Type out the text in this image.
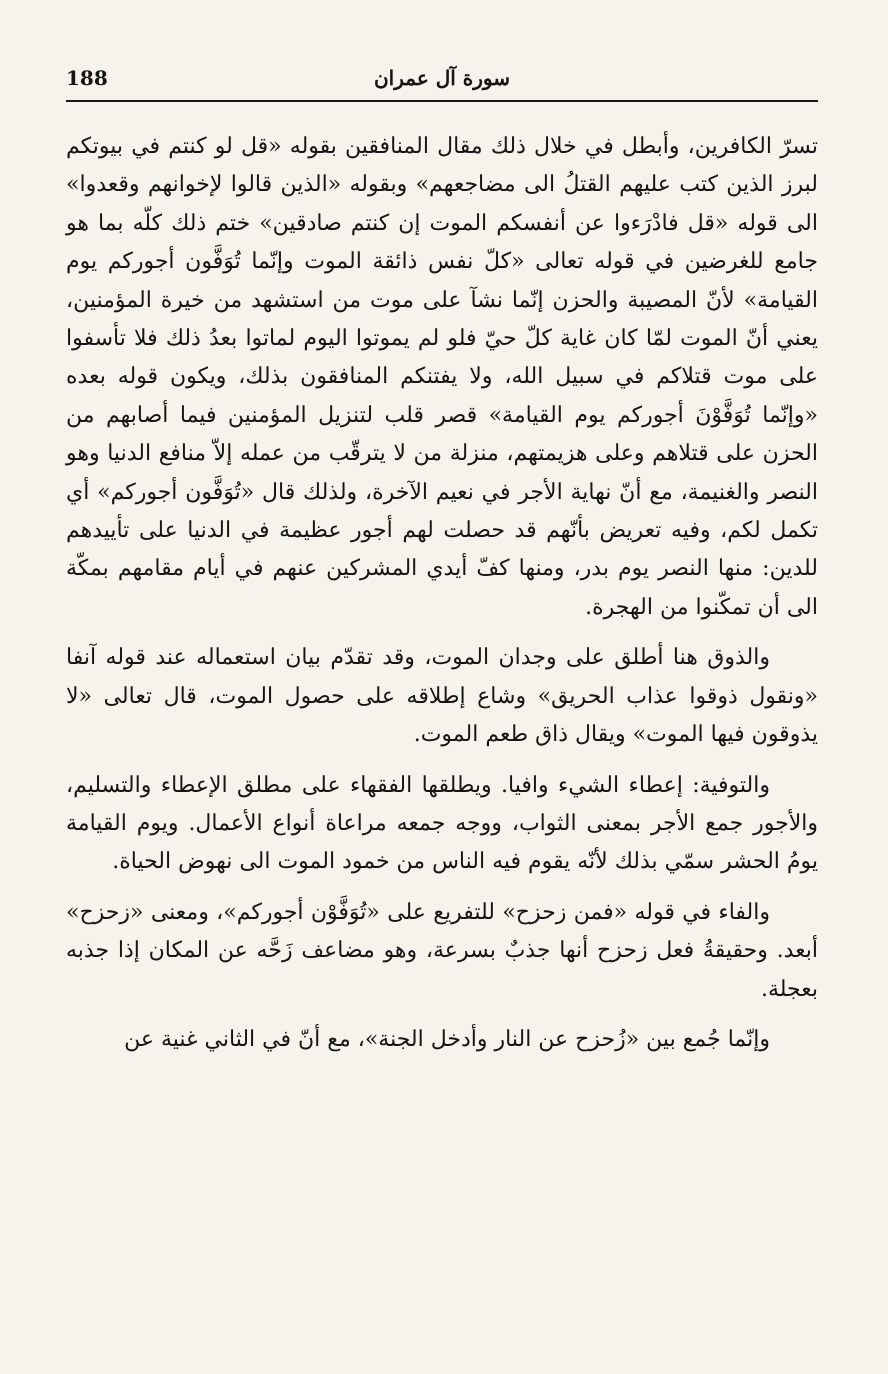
188	سورة آل عمران

تسرّ الكافرين، وأبطل في خلال ذلك مقال المنافقين بقوله «قل لو كنتم في بيوتكم لبرز الذين كتب عليهم القتلُ الى مضاجعهم» وبقوله «الذين قالوا لإخوانهم وقعدوا» الى قوله «قل فادْرَءوا عن أنفسكم الموت إن كنتم صادقين» ختم ذلك كلّه بما هو جامع للغرضين في قوله تعالى «كلّ نفس ذائقة الموت وإنّما تُوَفَّون أجوركم يوم القيامة» لأنّ المصيبة والحزن إنّما نشآ على موت من استشهد من خيرة المؤمنين، يعني أنّ الموت لمّا كان غاية كلّ حيّ فلو لم يموتوا اليوم لماتوا بعدُ ذلك فلا تأسفوا على موت قتلاكم في سبيل الله، ولا يفتنكم المنافقون بذلك، ويكون قوله بعده «وإنّما تُوَفَّوْنَ أجوركم يوم القيامة» قصر قلب لتنزيل المؤمنين فيما أصابهم من الحزن على قتلاهم وعلى هزيمتهم، منزلة من لا يترقّب من عمله إلاّ منافع الدنيا وهو النصر والغنيمة، مع أنّ نهاية الأجر في نعيم الآخرة، ولذلك قال «تُوَفَّون أجوركم» أي تكمل لكم، وفيه تعريض بأنّهم قد حصلت لهم أجور عظيمة في الدنيا على تأييدهم للدين: منها النصر يوم بدر، ومنها كفّ أيدي المشركين عنهم في أيام مقامهم بمكّة الى أن تمكّنوا من الهجرة.

والذوق هنا أطلق على وجدان الموت، وقد تقدّم بيان استعماله عند قوله آنفا «ونقول ذوقوا عذاب الحريق» وشاع إطلاقه على حصول الموت، قال تعالى «لا يذوقون فيها الموت» ويقال ذاق طعم الموت.

والتوفية: إعطاء الشيء وافيا. ويطلقها الفقهاء على مطلق الإعطاء والتسليم، والأجور جمع الأجر بمعنى الثواب، ووجه جمعه مراعاة أنواع الأعمال. ويوم القيامة يومُ الحشر سمّي بذلك لأنّه يقوم فيه الناس من خمود الموت الى نهوض الحياة.

والفاء في قوله «فمن زحزح» للتفريع على «تُوَفَّوْن أجوركم»، ومعنى «زحزح» أبعد. وحقيقةُ فعل زحزح أنها جذبٌ بسرعة، وهو مضاعف زَحَّه عن المكان إذا جذبه بعجلة.

وإنّما جُمع بين «زُحزح عن النار وأدخل الجنة»، مع أنّ في الثاني غنية عن
